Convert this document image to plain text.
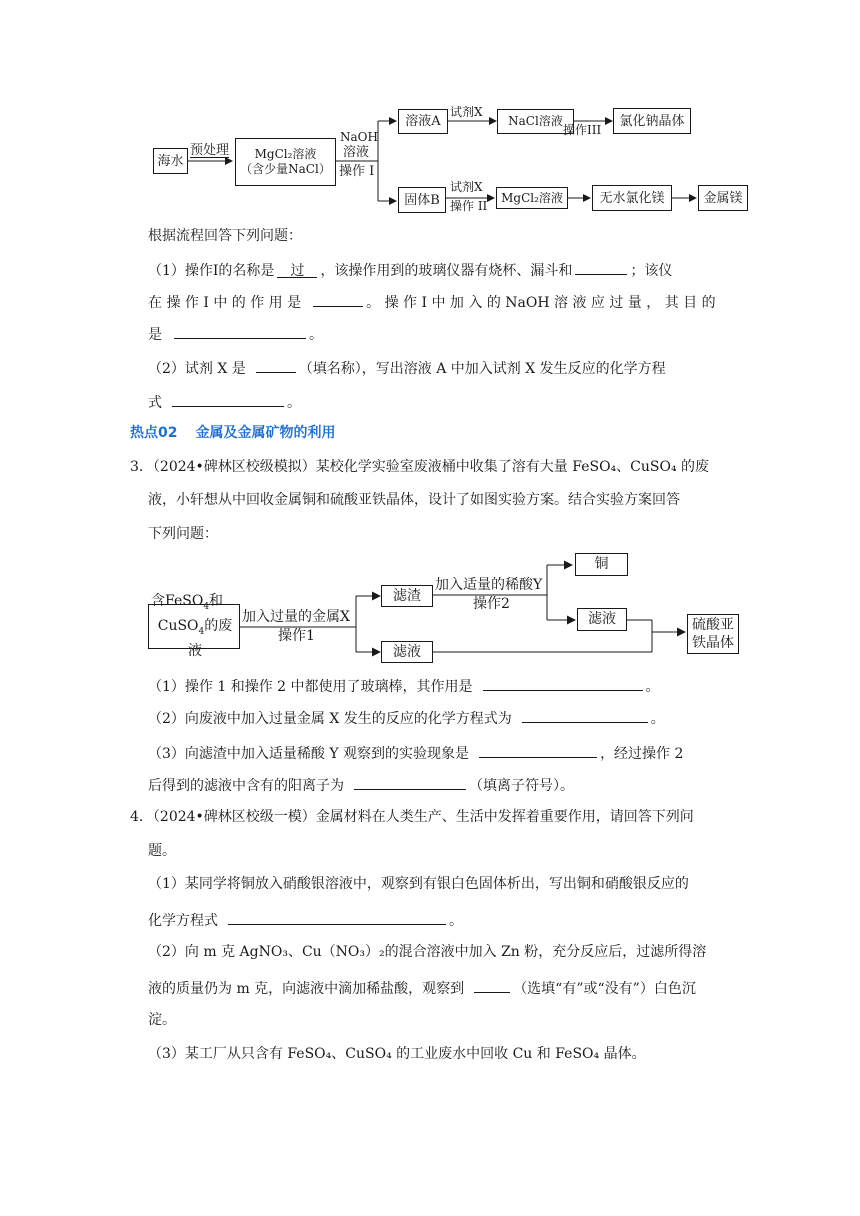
海水
预处理 MgCl₂溶液
（含少量NaCl）
NaOH
溶液
操作 I
溶液A
试剂X
NaCl溶液
操作III
氯化钠晶体
固体B
试剂X
操作 II
MgCl₂溶液	无水氯化镁	金属镁
根据流程回答下列问题：
（1）操作I的名称是 过 ，该操作用到的玻璃仪器有烧杯、漏斗和	；该仪
在 操 作 I 中 的 作 用 是	。 操 作 I 中 加 入 的 NaOH 溶 液 应 过 量 ， 其 目 的
是	。
（2）试剂 X 是	（填名称），写出溶液 A 中加入试剂 X 发生反应的化学方程
式	。
热点02 金属及金属矿物的利用
3．（2024•碑林区校级模拟）某校化学实验室废液桶中收集了溶有大量 FeSO₄、CuSO₄ 的废
液，小轩想从中回收金属铜和硫酸亚铁晶体，设计了如图实验方案。结合实验方案回答
下列问题：
含FeSO$_4$和
CuSO$_4$的废液
加入过量的金属X
操作1
滤渣
加入适量的稀酸Y
操作2
铜
滤液
滤液
硫酸亚
铁晶体
（1）操作 1 和操作 2 中都使用了玻璃棒，其作用是	。
（2）向废液中加入过量金属 X 发生的反应的化学方程式为	。
（3）向滤渣中加入适量稀酸 Y 观察到的实验现象是	，经过操作 2
后得到的滤液中含有的阳离子为	（填离子符号）。
4．（2024•碑林区校级一模）金属材料在人类生产、生活中发挥着重要作用，请回答下列问
题。
（1）某同学将铜放入硝酸银溶液中，观察到有银白色固体析出，写出铜和硝酸银反应的
化学方程式	。
（2）向 m 克 AgNO₃、Cu（NO₃）₂的混合溶液中加入 Zn 粉，充分反应后，过滤所得溶
液的质量仍为 m 克，向滤液中滴加稀盐酸，观察到	（选填“有”或“没有”）白色沉
淀。
（3）某工厂从只含有 FeSO₄、CuSO₄ 的工业废水中回收 Cu 和 FeSO₄ 晶体。
